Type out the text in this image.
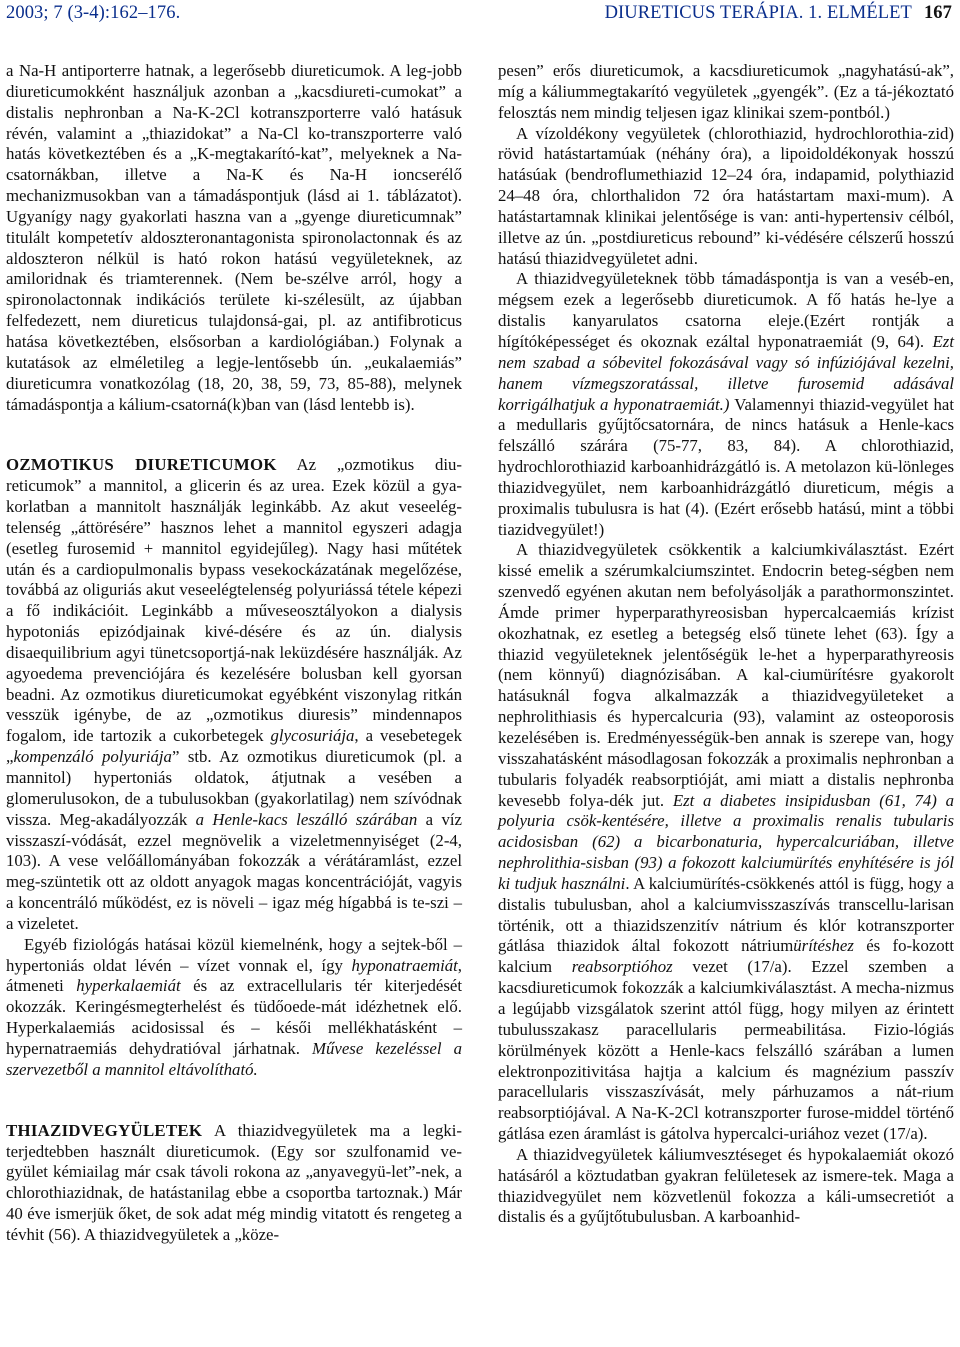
2003; 7 (3-4):162–176.	DIURETICUS TERÁPIA. 1. ELMÉLET 167

a Na-H antiporterre hatnak, a legerősebb diureticumok. A leg-jobb diureticumokként használjuk azonban a „kacsdiureti-cumokat” a distalis nephronban a Na-K-2Cl kotranszporterre való hatásuk révén, valamint a „thiazidokat” a Na-Cl ko-transzporterre való hatás következtében és a „K-megtakarító-kat”, melyeknek a Na-csatornákban, illetve a Na-K és Na-H ioncserélő mechanizmusokban van a támadáspontjuk (lásd ai 1. táblázatot). Ugyanígy nagy gyakorlati haszna van a „gyenge diureticumnak” titulált kompetetív aldoszteronantagonista spironolactonnak és az aldoszteron nélkül is ható rokon hatású vegyületeknek, az amiloridnak és triamterennek. (Nem be-szélve arról, hogy a spironolactonnak indikációs területe ki-szélesült, az újabban felfedezett, nem diureticus tulajdonsá-gai, pl. az antifibroticus hatása következtében, elsősorban a kardiológiában.) Folynak a kutatások az elméletileg a legje-lentősebb ún. „eukalaemiás” diureticumra vonatkozólag (18, 20, 38, 59, 73, 85-88), melynek támadáspontja a kálium-csatorná(k)ban van (lásd lentebb is).

OZMOTIKUS DIURETICUMOK Az „ozmotikus diu-reticumok” a mannitol, a glicerin és az urea. Ezek közül a gya-korlatban a mannitolt használják leginkább. Az akut veseelég-telenség „áttörésére” hasznos lehet a mannitol egyszeri adagja (esetleg furosemid + mannitol egyidejűleg). Nagy hasi műtétek után és a cardiopulmonalis bypass vesekockázatának megelőzése, továbbá az oliguriás akut veseelégtelenség polyuriássá tétele képezi a fő indikációit. Leginkább a műveseosztályokon a dialysis hypotoniás epizódjainak kivé-désére és az ún. dialysis disaequilibrium agyi tünetcsoportjá-nak leküzdésére használják. Az agyoedema prevenciójára és kezelésére bolusban kell gyorsan beadni. Az ozmotikus diureticumokat egyébként viszonylag ritkán vesszük igénybe, de az „ozmotikus diuresis” mindennapos fogalom, ide tartozik a cukorbetegek glycosuriája, a vesebetegek „kompenzáló polyuriája” stb. Az ozmotikus diureticumok (pl. a mannitol) hypertoniás oldatok, átjutnak a vesében a glomerulusokon, de a tubulusokban (gyakorlatilag) nem szívódnak vissza. Meg-akadályozzák a Henle-kacs leszálló szárában a víz visszaszí-vódását, ezzel megnövelik a vizeletmennyiséget (2-4, 103). A vese velőállományában fokozzák a vérátáramlást, ezzel meg-szüntetik ott az oldott anyagok magas koncentrációját, vagyis a koncentráló működést, ez is növeli – igaz még hígabbá is te-szi – a vizeletet.

Egyéb fiziológás hatásai közül kiemelnénk, hogy a sejtek-ből – hypertoniás oldat lévén – vízet vonnak el, így hyponatraemiát, átmeneti hyperkalaemiát és az extracellularis tér kiterjedését okozzák. Keringésmegterhelést és tüdőoede-mát idézhetnek elő. Hyperkalaemiás acidosissal és – késői mellékhatásként – hypernatraemiás dehydratióval járhatnak. Művese kezeléssel a szervezetből a mannitol eltávolítható.

THIAZIDVEGYÜLETEK A thiazidvegyületek ma a legki-terjedtebben használt diureticumok. (Egy sor szulfonamid ve-gyület kémiailag már csak távoli rokona az „anyavegyü-let”-nek, a chlorothiazidnak, de hatástanilag ebbe a csoportba tartoznak.) Már 40 éve ismerjük őket, de sok adat még mindig vitatott és rengeteg a tévhit (56). A thiazidvegyületek a „köze-

pesen” erős diureticumok, a kacsdiureticumok „nagyhatású-ak”, míg a káliummegtakarító vegyületek „gyengék”. (Ez a tá-jékoztató felosztás nem mindig teljesen igaz klinikai szem-pontból.)

A vízoldékony vegyületek (chlorothiazid, hydrochlorothia-zid) rövid hatástartamúak (néhány óra), a lipoidoldékonyak hosszú hatásúak (bendroflumethiazid 12–24 óra, indapamid, polythiazid 24–48 óra, chlorthalidon 72 óra hatástartam maxi-mum). A hatástartamnak klinikai jelentősége is van: anti-hypertensiv célból, illetve az ún. „postdiureticus rebound” ki-védésére célszerű hosszú hatású thiazidvegyületet adni.

A thiazidvegyületeknek több támadáspontja is van a veséb-en, mégsem ezek a legerősebb diureticumok. A fő hatás he-lye a distalis kanyarulatos csatorna eleje.(Ezért rontják a hígítóképességet és okoznak ezáltal hyponatraemiát (9, 64). Ezt nem szabad a sóbevitel fokozásával vagy só infúziójával kezelni, hanem vízmegszoratással, illetve furosemid adásával korrigálhatjuk a hyponatraemiát.) Valamennyi thiazid-vegyület hat a medullaris gyűjtőcsatornára, de nincs hatásuk a Henle-kacs felszálló szárára (75-77, 83, 84). A chlorothiazid, hydrochlorothiazid karboanhidrázgátló is. A metolazon kü-lönleges thiazidvegyület, nem karboanhidrázgátló diureticum, mégis a proximalis tubulusra is hat (4). (Ezért erősebb hatású, mint a többi tiazidvegyület!)

A thiazidvegyületek csökkentik a kalciumkiválasztást. Ezért kissé emelik a szérumkalciumszintet. Endocrin beteg-ségben nem szenvedő egyénen akutan nem befolyásolják a parathormonszintet. Ámde primer hyperparathyreosisban hypercalcaemiás krízist okozhatnak, ez esetleg a betegség első tünete lehet (63). Így a thiazid vegyületeknek jelentőségük le-het a hyperparathyreosis (nem könnyű) diagnózisában. A kal-ciumürítésre gyakorolt hatásuknál fogva alkalmazzák a thiazidvegyületeket a nephrolithiasis és hypercalcuria (93), valamint az osteoporosis kezelésében is. Eredményességük-ben annak is szerepe van, hogy visszahatásként másodlagosan fokozzák a proximalis nephronban a tubularis folyadék reabsorptióját, ami miatt a distalis nephronba kevesebb folya-dék jut. Ezt a diabetes insipidusban (61, 74) a polyuria csök-kentésére, illetve a proximalis renalis tubularis acidosisban (62) a bicarbonaturia, hypercalcuriában, illetve nephrolithia-sisban (93) a fokozott kalciumürítés enyhítésére is jól ki tudjuk használni. A kalciumürítés-csökkenés attól is függ, hogy a distalis tubulusban, ahol a kalciumvisszaszívás transcellu-larisan történik, ott a thiazidszenzitív nátrium és klór kotranszporter gátlása thiazidok által fokozott nátriumürítéshez és fo-kozott kalcium reabsorptióhoz vezet (17/a). Ezzel szemben a kacsdiureticumok fokozzák a kalciumkiválasztást. A mecha-nizmus a legújabb vizsgálatok szerint attól függ, hogy milyen az érintett tubulusszakasz paracellularis permeabilitása. Fizio-lógiás körülmények között a Henle-kacs felszálló szárában a lumen elektronpozitivitása hajtja a kalcium és magnézium passzív paracellularis visszaszívását, mely párhuzamos a nát-rium reabsorptiójával. A Na-K-2Cl kotranszporter furose-middel történő gátlása ezen áramlást is gátolva hypercalci-uriához vezet (17/a).

A thiazidvegyületek káliumvesztéseget és hypokalaemiát okozó hatásáról a köztudatban gyakran felületesek az ismere-tek. Maga a thiazidvegyület nem közvetlenül fokozza a káli-umsecretiót a distalis és a gyűjtőtubulusban. A karboanhid-
